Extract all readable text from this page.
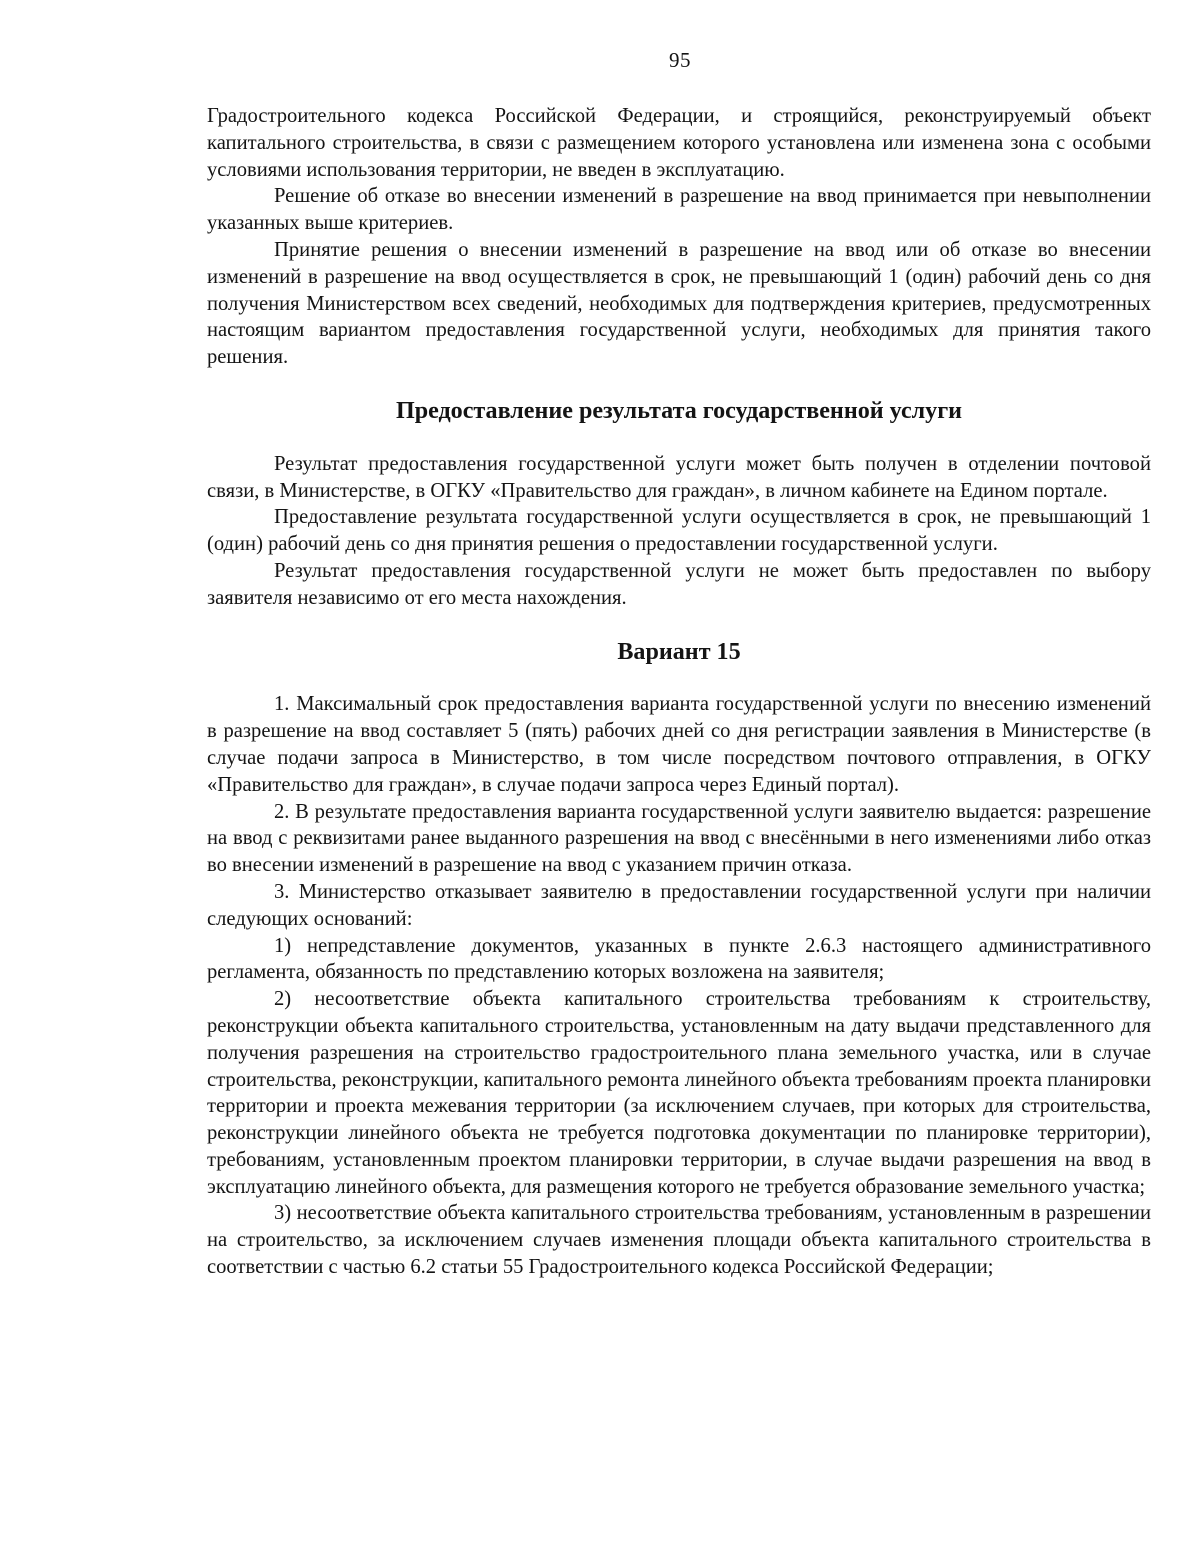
95

Градостроительного кодекса Российской Федерации, и строящийся, реконструируемый объект капитального строительства, в связи с размещением которого установлена или изменена зона с особыми условиями использования территории, не введен в эксплуатацию.

Решение об отказе во внесении изменений в разрешение на ввод принимается при невыполнении указанных выше критериев.

Принятие решения о внесении изменений в разрешение на ввод или об отказе во внесении изменений в разрешение на ввод осуществляется в срок, не превышающий 1 (один) рабочий день со дня получения Министерством всех сведений, необходимых для подтверждения критериев, предусмотренных настоящим вариантом предоставления государственной услуги, необходимых для принятия такого решения.

Предоставление результата государственной услуги

Результат предоставления государственной услуги может быть получен в отделении почтовой связи, в Министерстве, в ОГКУ «Правительство для граждан», в личном кабинете на Едином портале.

Предоставление результата государственной услуги осуществляется в срок, не превышающий 1 (один) рабочий день со дня принятия решения о предоставлении государственной услуги.

Результат предоставления государственной услуги не может быть предоставлен по выбору заявителя независимо от его места нахождения.

Вариант 15

1. Максимальный срок предоставления варианта государственной услуги по внесению изменений в разрешение на ввод составляет 5 (пять) рабочих дней со дня регистрации заявления в Министерстве (в случае подачи запроса в Министерство, в том числе посредством почтового отправления, в ОГКУ «Правительство для граждан», в случае подачи запроса через Единый портал).

2. В результате предоставления варианта государственной услуги заявителю выдается: разрешение на ввод с реквизитами ранее выданного разрешения на ввод с внесёнными в него изменениями либо отказ во внесении изменений в разрешение на ввод с указанием причин отказа.

3. Министерство отказывает заявителю в предоставлении государственной услуги при наличии следующих оснований:

1) непредставление документов, указанных в пункте 2.6.3 настоящего административного регламента, обязанность по представлению которых возложена на заявителя;

2) несоответствие объекта капитального строительства требованиям к строительству, реконструкции объекта капитального строительства, установленным на дату выдачи представленного для получения разрешения на строительство градостроительного плана земельного участка, или в случае строительства, реконструкции, капитального ремонта линейного объекта требованиям проекта планировки территории и проекта межевания территории (за исключением случаев, при которых для строительства, реконструкции линейного объекта не требуется подготовка документации по планировке территории), требованиям, установленным проектом планировки территории, в случае выдачи разрешения на ввод в эксплуатацию линейного объекта, для размещения которого не требуется образование земельного участка;

3) несоответствие объекта капитального строительства требованиям, установленным в разрешении на строительство, за исключением случаев изменения площади объекта капитального строительства в соответствии с частью 6.2 статьи 55 Градостроительного кодекса Российской Федерации;
